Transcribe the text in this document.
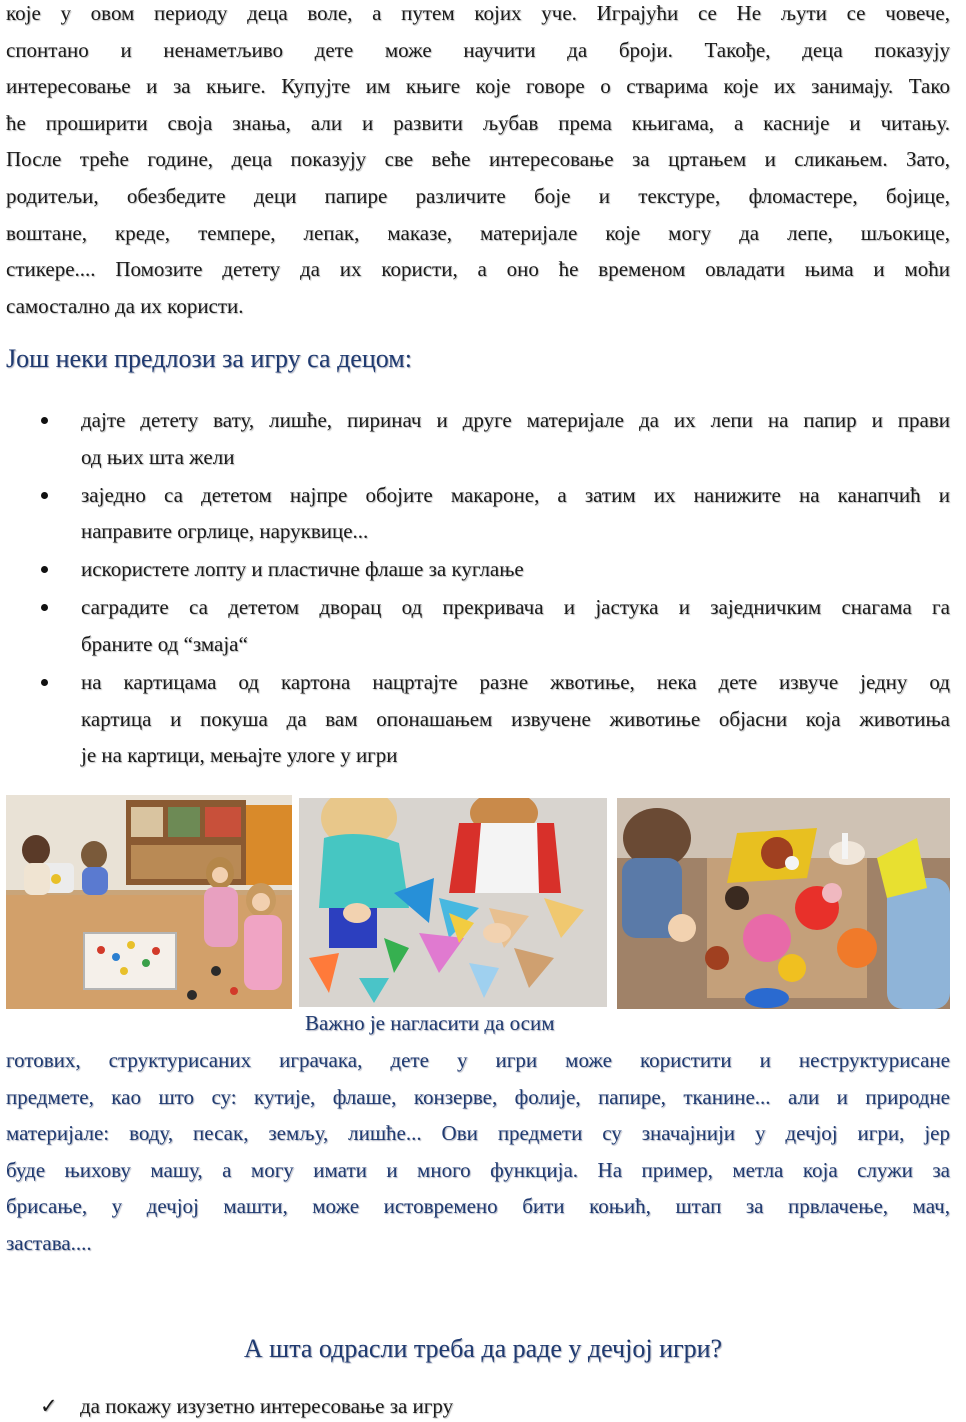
које у овом периоду деца воле, а путем којих уче. Играјући се Не љути се човече,
спонтано и ненаметљиво дете може научити да броји. Такође, деца показују
интересовање и за књиге. Купујте им књиге које говоре о стварима које их занимају. Тако
ће проширити своја знања, али и развити љубав према књигама, а касније и читању.
После треће године, деца показују све веће интересовање за цртањем и сликањем. Зато,
родитељи, обезбедите деци папире различите боје и текстуре, фломастере, бојице,
воштане, креде, темпере, лепак, маказе, материјале које могу да лепе, шљокице,
стикере.... Помозите детету да их користи, а оно ће временом овладати њима и моћи
самостално да их користи.
Још неки предлози за игру са децом:
дајте детету вату, лишће, пиринач и друге материјале да их лепи на папир и прави
од њих шта жели
заједно са дететом најпре обојите макароне, а затим их нанижите на канапчић и
направите огрлице, наруквице...
искористете лопту и пластичне флаше за куглање
саградите са дететом дворац од прекривача и јастука и заједничким снагама га
браните од “змаја“
на картицама од картона нацртајте разне жвотиње, нека дете извуче једну од
картица и покуша да вам опонашањем извучене животиње објасни која животиња
је на картици, мењајте улоге у игри
Важно је нагласити да осим
готових, структурисаних играчака, дете у игри може користити и неструктурисане
предмете, као што су: кутије, флаше, конзерве, фолије, папире, тканине... али и природне
материјале: воду, песак, земљу, лишће... Ови предмети су значајнији у дечјој игри, јер
буде њихову машу, а могу имати и много функција. На пример, метла која служи за
брисање, у дечјој машти, може истовремено бити коњић, штап за првлачење, мач,
застава....
А шта одрасли треба да раде у дечјој игри?
✓ да покажу изузетно интересовање за игру
